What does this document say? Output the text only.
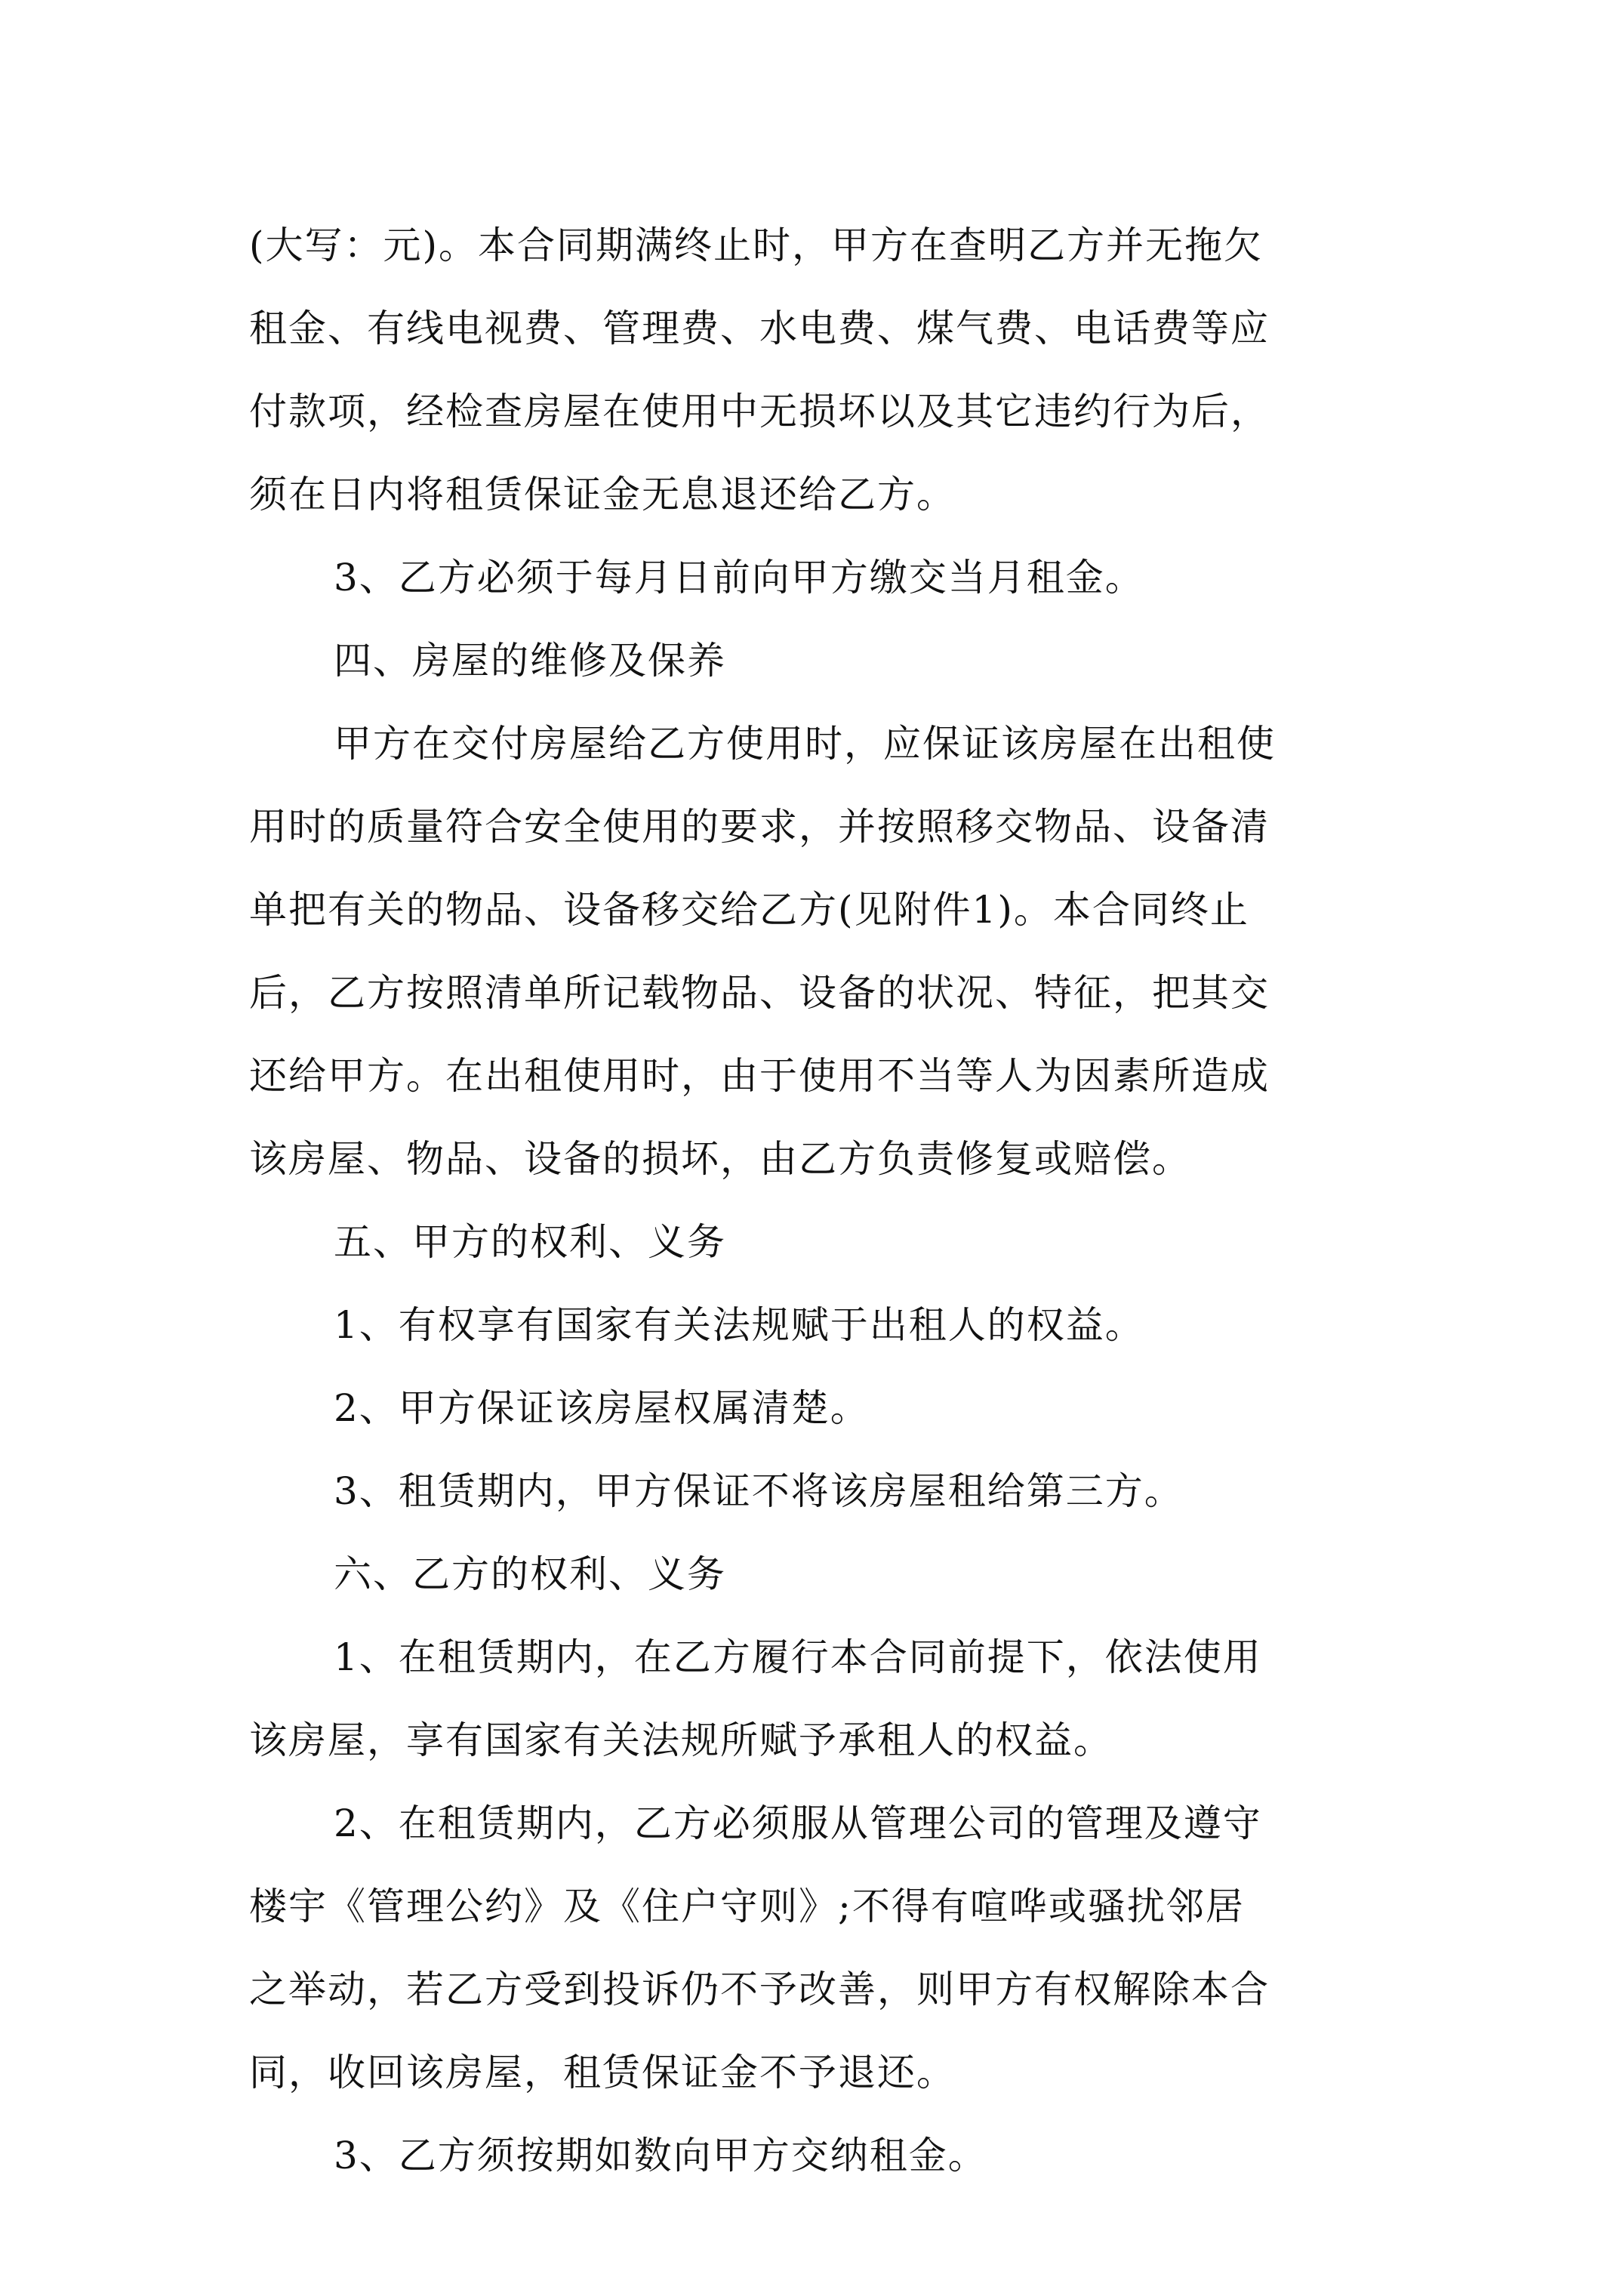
(大写：元)。本合同期满终止时，甲方在查明乙方并无拖欠
租金、有线电视费、管理费、水电费、煤气费、电话费等应
付款项，经检查房屋在使用中无损坏以及其它违约行为后，
须在日内将租赁保证金无息退还给乙方。

3、乙方必须于每月日前向甲方缴交当月租金。

四、房屋的维修及保养

甲方在交付房屋给乙方使用时，应保证该房屋在出租使
用时的质量符合安全使用的要求，并按照移交物品、设备清
单把有关的物品、设备移交给乙方(见附件1)。本合同终止
后，乙方按照清单所记载物品、设备的状况、特征，把其交
还给甲方。在出租使用时，由于使用不当等人为因素所造成
该房屋、物品、设备的损坏，由乙方负责修复或赔偿。

五、甲方的权利、义务

1、有权享有国家有关法规赋于出租人的权益。

2、甲方保证该房屋权属清楚。

3、租赁期内，甲方保证不将该房屋租给第三方。

六、乙方的权利、义务

1、在租赁期内，在乙方履行本合同前提下，依法使用
该房屋，享有国家有关法规所赋予承租人的权益。

2、在租赁期内，乙方必须服从管理公司的管理及遵守
楼宇《管理公约》及《住户守则》;不得有喧哗或骚扰邻居
之举动，若乙方受到投诉仍不予改善，则甲方有权解除本合
同，收回该房屋，租赁保证金不予退还。

3、乙方须按期如数向甲方交纳租金。
